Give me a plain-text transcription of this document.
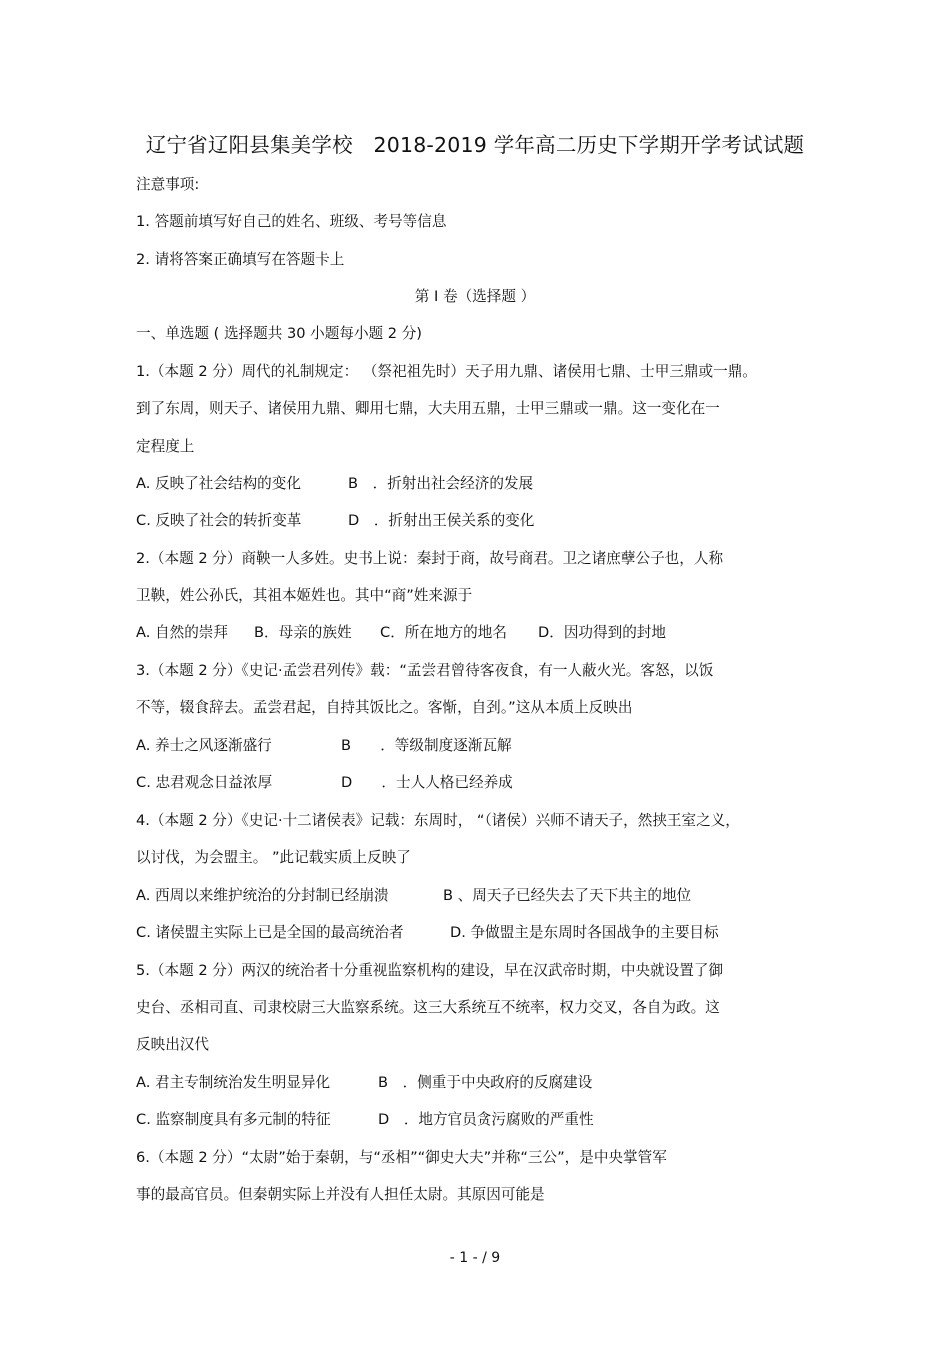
辽宁省辽阳县集美学校　2018-2019 学年高二历史下学期开学考试试题
注意事项:
1. 答题前填写好自己的姓名、班级、考号等信息
2. 请将答案正确填写在答题卡上
第 I 卷（选择题 ）
一、单选题 ( 选择题共 30 小题每小题 2 分)
1.（本题 2 分）周代的礼制规定： （祭祀祖先时）天子用九鼎、诸侯用七鼎、士甲三鼎或一鼎。
到了东周，则天子、诸侯用九鼎、卿用七鼎，大夫用五鼎，士甲三鼎或一鼎。这一变化在一
定程度上
A. 反映了社会结构的变化	B　．折射出社会经济的发展
C. 反映了社会的转折变革	D　．折射出王侯关系的变化
2.（本题 2 分）商鞅一人多姓。史书上说：秦封于商，故号商君。卫之诸庶孽公子也，人称
卫鞅，姓公孙氏，其祖本姬姓也。其中“商”姓来源于
A. 自然的崇拜 B．母亲的族姓 C．所在地方的地名 D．因功得到的封地
3.（本题 2 分）《史记·孟尝君列传》载：“孟尝君曾待客夜食，有一人蔽火光。客怒，以饭
不等，辍食辞去。孟尝君起，自持其饭比之。客惭，自刭。”这从本质上反映出
A. 养士之风逐渐盛行	B　　．等级制度逐渐瓦解
C. 忠君观念日益浓厚	D　　．士人人格已经养成
4.（本题 2 分）《史记·十二诸侯表》记载：东周时， “（诸侯）兴师不请天子，然挟王室之义，
以讨伐，为会盟主。 ”此记载实质上反映了
A. 西周以来维护统治的分封制已经崩溃	B 、周天子已经失去了天下共主的地位
C. 诸侯盟主实际上已是全国的最高统治者	D. 争做盟主是东周时各国战争的主要目标
5.（本题 2 分）两汉的统治者十分重视监察机构的建设，早在汉武帝时期，中央就设置了御
史台、丞相司直、司隶校尉三大监察系统。这三大系统互不统率，权力交叉，各自为政。这
反映出汉代
A. 君主专制统治发生明显异化	B　．侧重于中央政府的反腐建设
C. 监察制度具有多元制的特征	D　．地方官员贪污腐败的严重性
6.（本题 2 分）“太尉”始于秦朝，与“丞相”“御史大夫”并称“三公”，是中央掌管军
事的最高官员。但秦朝实际上并没有人担任太尉。其原因可能是
- 1 - / 9
